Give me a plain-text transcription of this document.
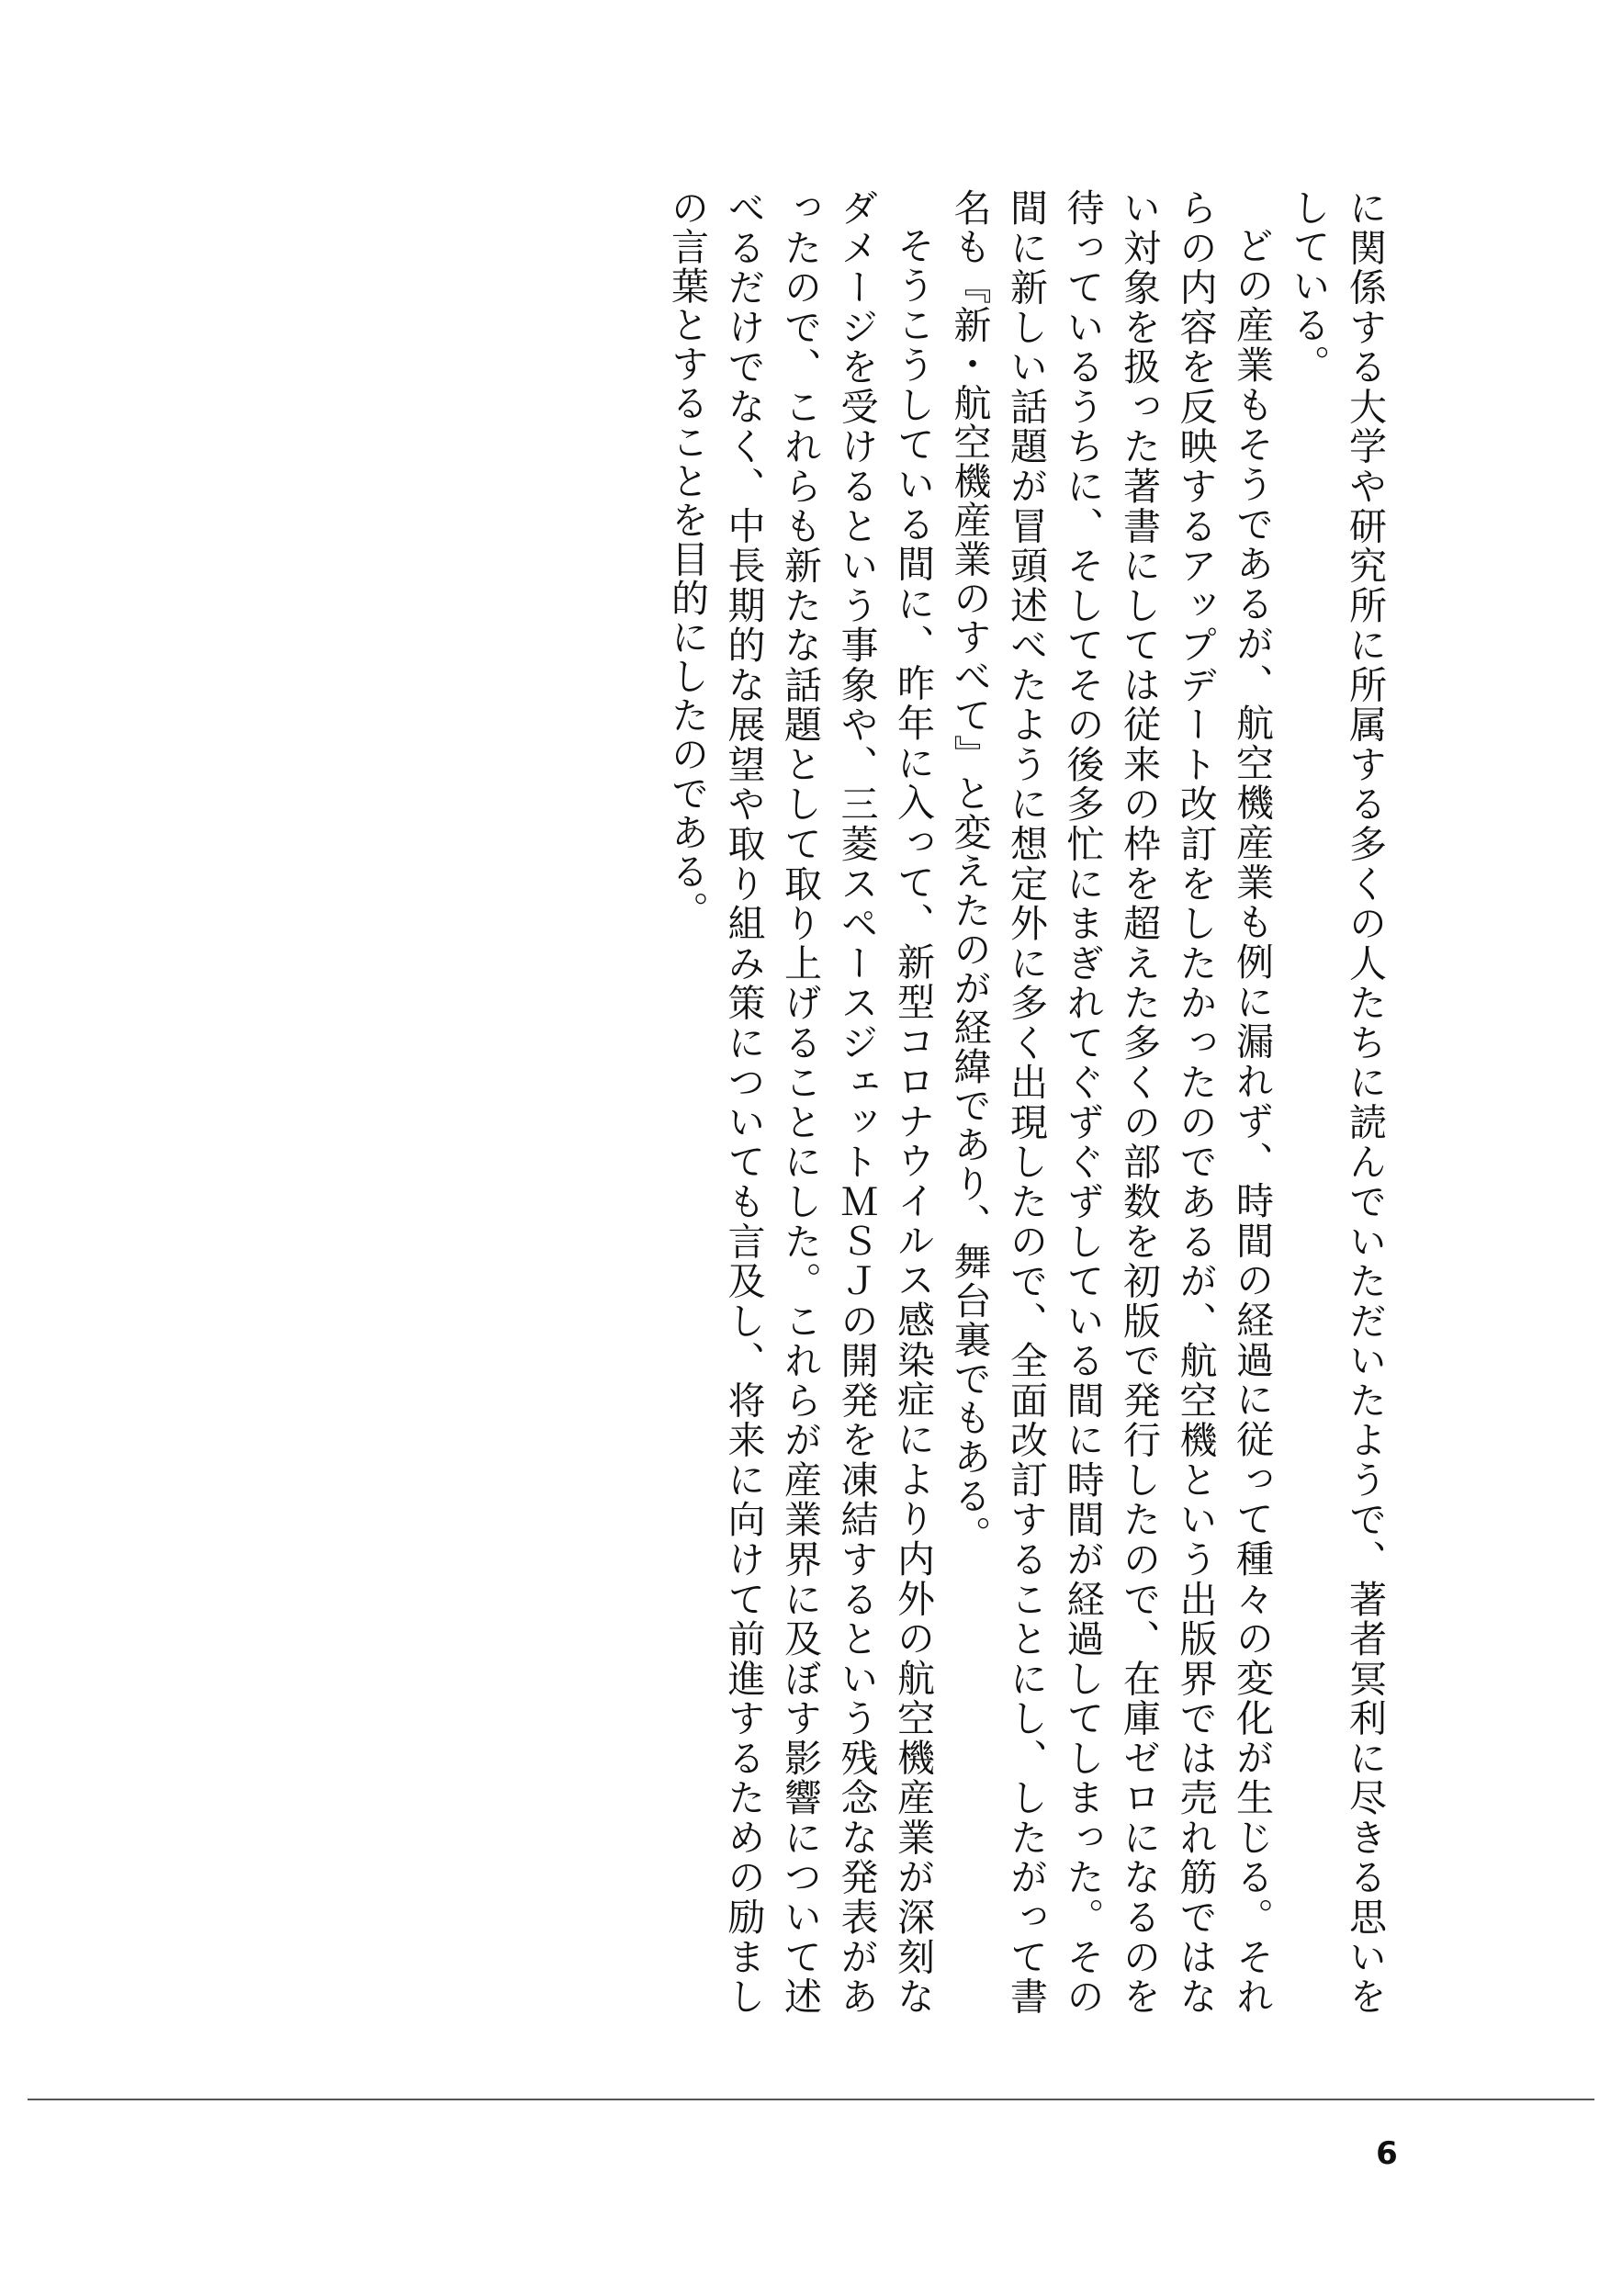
に関係する大学や研究所に所属する多くの人たちに読んでいただいたようで、著者冥利に尽きる思いをしている。

どの産業もそうであるが、航空機産業も例に漏れず、時間の経過に従って種々の変化が生じる。それらの内容を反映するアップデート改訂をしたかったのであるが、航空機という出版界では売れ筋ではない対象を扱った著書にしては従来の枠を超えた多くの部数を初版で発行したので、在庫ゼロになるのを待っているうちに、そしてその後多忙にまぎれてぐずぐずしている間に時間が経過してしまった。その間に新しい話題が冒頭述べたように想定外に多く出現したので、全面改訂することにし、したがって書名も『新・航空機産業のすべて』と変えたのが経緯であり、舞台裏でもある。

そうこうしている間に、昨年に入って、新型コロナウイルス感染症により内外の航空機産業が深刻なダメージを受けるという事象や、三菱スペースジェットＭＳＪの開発を凍結するという残念な発表があったので、これらも新たな話題として取り上げることにした。これらが産業界に及ぼす影響について述べるだけでなく、中長期的な展望や取り組み策についても言及し、将来に向けて前進するための励ましの言葉とすることを目的にしたのである。

6
